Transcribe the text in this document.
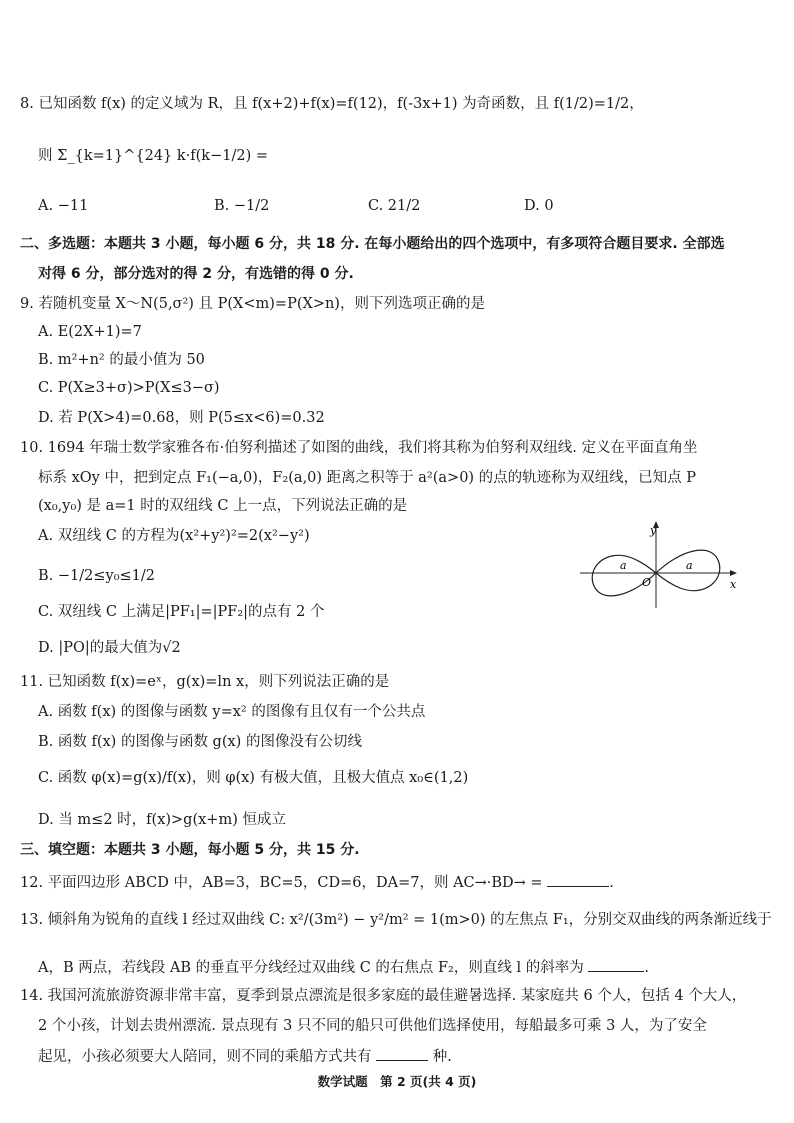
8. 已知函数 f(x) 的定义域为 R，且 f(x+2)+f(x)=f(12)，f(-3x+1) 为奇函数，且 f(1/2)=1/2，
则 Σ_{k=1}^{24} k·f(k−1/2) =
A. −11	B. −1/2	C. 21/2	D. 0
二、多选题：本题共 3 小题，每小题 6 分，共 18 分. 在每小题给出的四个选项中，有多项符合题目要求. 全部选
对得 6 分，部分选对的得 2 分，有选错的得 0 分.
9. 若随机变量 X～N(5,σ²) 且 P(X<m)=P(X>n)，则下列选项正确的是
A. E(2X+1)=7
B. m²+n² 的最小值为 50
C. P(X≥3+σ)>P(X≤3−σ)
D. 若 P(X>4)=0.68，则 P(5≤x<6)=0.32
10. 1694 年瑞士数学家雅各布·伯努利描述了如图的曲线，我们将其称为伯努利双纽线. 定义在平面直角坐
标系 xOy 中，把到定点 F₁(−a,0)，F₂(a,0) 距离之积等于 a²(a>0) 的点的轨迹称为双纽线，已知点 P
(x₀,y₀) 是 a=1 时的双纽线 C 上一点，下列说法正确的是
A. 双纽线 C 的方程为(x²+y²)²=2(x²−y²)
B. −1/2≤y₀≤1/2
C. 双纽线 C 上满足|PF₁|=|PF₂|的点有 2 个
D. |PO|的最大值为√2
y
x
O
a	a
11. 已知函数 f(x)=eˣ，g(x)=ln x，则下列说法正确的是
A. 函数 f(x) 的图像与函数 y=x² 的图像有且仅有一个公共点
B. 函数 f(x) 的图像与函数 g(x) 的图像没有公切线
C. 函数 φ(x)=g(x)/f(x)，则 φ(x) 有极大值，且极大值点 x₀∈(1,2)
D. 当 m≤2 时，f(x)>g(x+m) 恒成立
三、填空题：本题共 3 小题，每小题 5 分，共 15 分.
12. 平面四边形 ABCD 中，AB=3，BC=5，CD=6，DA=7，则 AC→·BD→ =	.
13. 倾斜角为锐角的直线 l 经过双曲线 C: x²/(3m²) − y²/m² = 1(m>0) 的左焦点 F₁，分别交双曲线的两条渐近线于
A，B 两点，若线段 AB 的垂直平分线经过双曲线 C 的右焦点 F₂，则直线 l 的斜率为	.
14. 我国河流旅游资源非常丰富，夏季到景点漂流是很多家庭的最佳避暑选择. 某家庭共 6 个人，包括 4 个大人，
2 个小孩，计划去贵州漂流. 景点现有 3 只不同的船只可供他们选择使用，每船最多可乘 3 人，为了安全
起见，小孩必须要大人陪同，则不同的乘船方式共有	种.
数学试题　第 2 页(共 4 页)
